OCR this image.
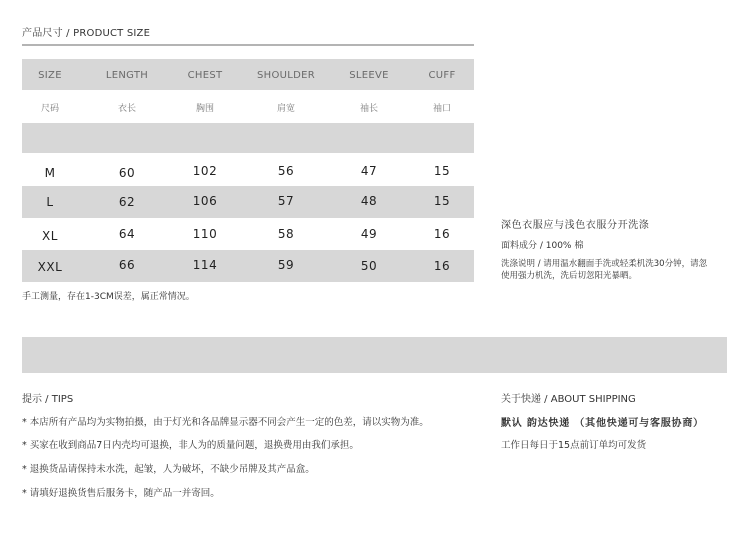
产品尺寸 / PRODUCT SIZE
SIZE	LENGTH	CHEST	SHOULDER	SLEEVE	CUFF
尺码	衣长	胸围	肩宽	袖长	袖口
M	60	102	56	47	15
L	62	106	57	48	15
XL	64	110	58	49	16
XXL	66	114	59	50	16
手工测量，存在1-3CM误差，属正常情况。
深色衣服应与浅色衣服分开洗涤
面料成分 / 100% 棉
洗涤说明 / 请用温水翻面手洗或轻柔机洗30分钟，请忽
使用强力机洗，洗后切忽阳光暴晒。
提示 / TIPS
* 本店所有产品均为实物拍摄，由于灯光和各品牌显示器不同会产生一定的色差，请以实物为准。
* 买家在收到商品7日内壳均可退换，非人为的质量问题，退换费用由我们承担。
* 退换货品请保持未水洗，起皱，人为破坏，不缺少吊牌及其产品盒。
* 请填好退换货售后服务卡，随产品一并寄回。
关于快递 / ABOUT SHIPPING
默认 韵达快递 （其他快递可与客服协商）
工作日每日于15点前订单均可发货
